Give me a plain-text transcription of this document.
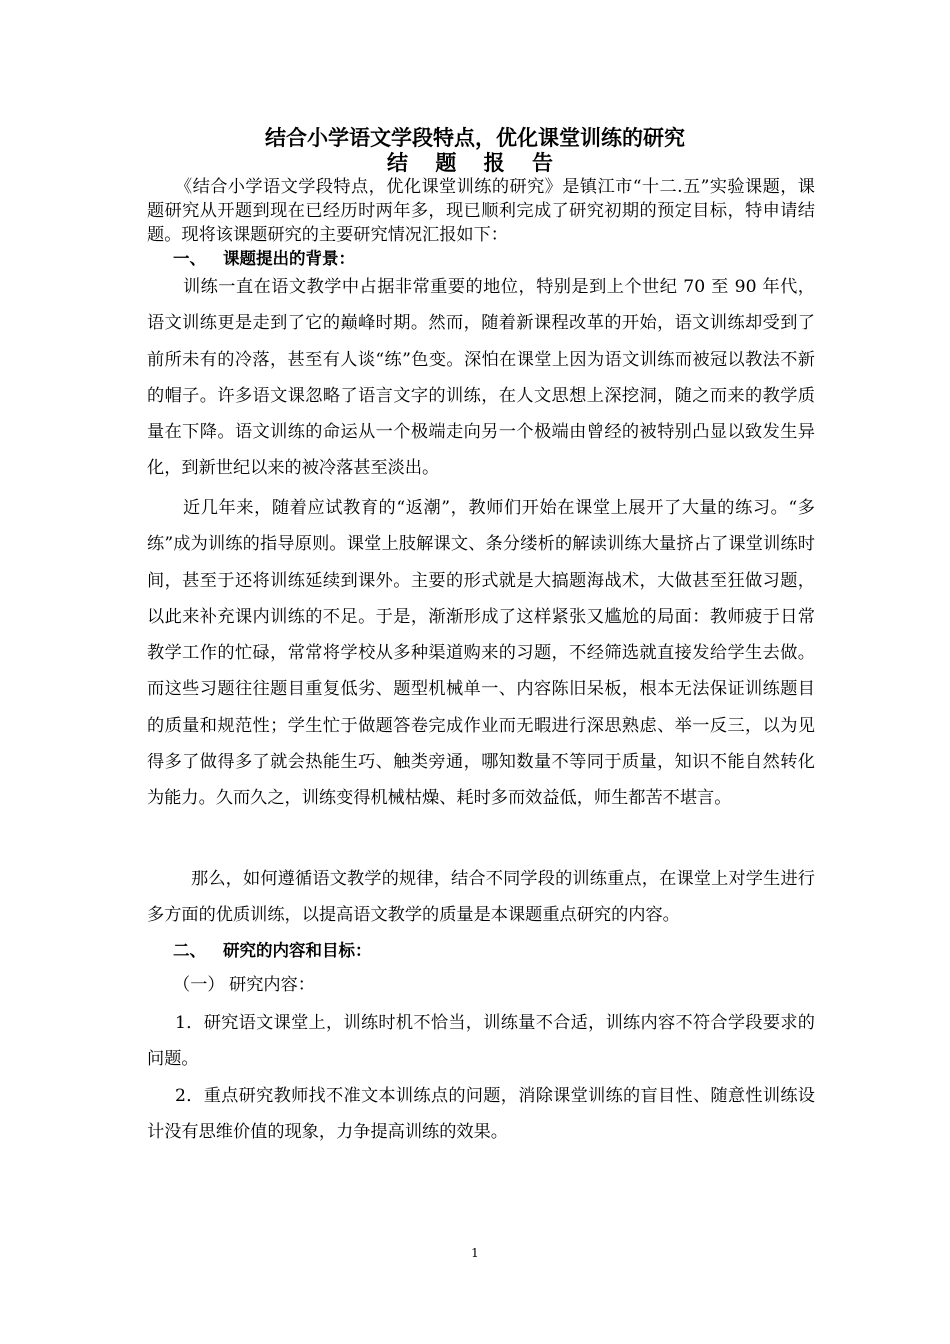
结合小学语文学段特点，优化课堂训练的研究
结 题 报 告

《结合小学语文学段特点，优化课堂训练的研究》是镇江市“十二.五”实验课题，课题研究从开题到现在已经历时两年多，现已顺利完成了研究初期的预定目标，特申请结题。现将该课题研究的主要研究情况汇报如下：

一、 课题提出的背景：

训练一直在语文教学中占据非常重要的地位，特别是到上个世纪 70 至 90 年代，语文训练更是走到了它的巅峰时期。然而，随着新课程改革的开始，语文训练却受到了前所未有的冷落，甚至有人谈“练”色变。深怕在课堂上因为语文训练而被冠以教法不新的帽子。许多语文课忽略了语言文字的训练，在人文思想上深挖洞，随之而来的教学质量在下降。语文训练的命运从一个极端走向另一个极端由曾经的被特别凸显以致发生异化，到新世纪以来的被冷落甚至淡出。

近几年来，随着应试教育的“返潮”，教师们开始在课堂上展开了大量的练习。“多练”成为训练的指导原则。课堂上肢解课文、条分缕析的解读训练大量挤占了课堂训练时间，甚至于还将训练延续到课外。主要的形式就是大搞题海战术，大做甚至狂做习题，以此来补充课内训练的不足。于是，渐渐形成了这样紧张又尴尬的局面：教师疲于日常教学工作的忙碌，常常将学校从多种渠道购来的习题，不经筛选就直接发给学生去做。而这些习题往往题目重复低劣、题型机械单一、内容陈旧呆板，根本无法保证训练题目的质量和规范性；学生忙于做题答卷完成作业而无暇进行深思熟虑、举一反三，以为见得多了做得多了就会热能生巧、触类旁通，哪知数量不等同于质量，知识不能自然转化为能力。久而久之，训练变得机械枯燥、耗时多而效益低，师生都苦不堪言。

那么，如何遵循语文教学的规律，结合不同学段的训练重点，在课堂上对学生进行多方面的优质训练，以提高语文教学的质量是本课题重点研究的内容。

二、 研究的内容和目标：
（一） 研究内容：

1．研究语文课堂上，训练时机不恰当，训练量不合适，训练内容不符合学段要求的问题。

2．重点研究教师找不准文本训练点的问题，消除课堂训练的盲目性、随意性训练设计没有思维价值的现象，力争提高训练的效果。

1
